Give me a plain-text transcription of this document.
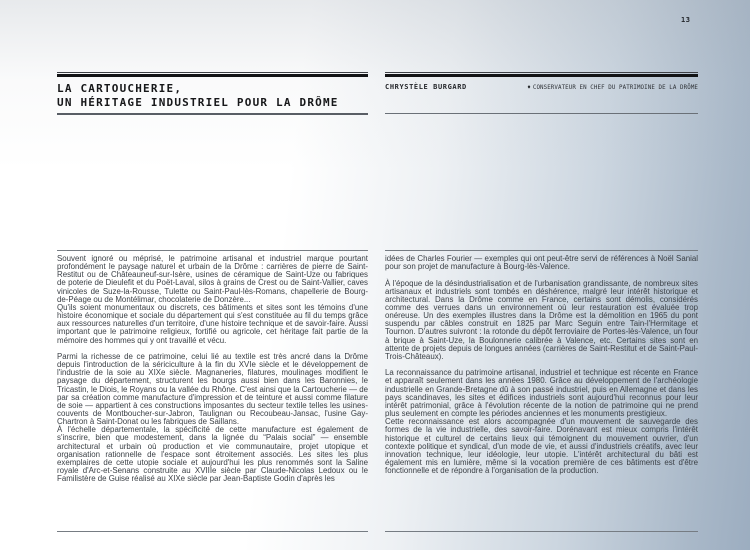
13
LA CARTOUCHERIE,
UN HÉRITAGE INDUSTRIEL POUR LA DRÔME
CHRYSTÈLE BURGARD	♦ CONSERVATEUR EN CHEF DU PATRIMOINE DE LA DRÔME

Souvent ignoré ou méprisé, le patrimoine artisanal et industriel marque pourtant profondément le paysage naturel et urbain de la Drôme : carrières de pierre de Saint-Restitut ou de Châteauneuf-sur-Isère, usines de céramique de Saint-Uze ou fabriques de poterie de Dieulefit et du Poët-Laval, silos à grains de Crest ou de Saint-Vallier, caves vinicoles de Suze-la-Rousse, Tulette ou Saint-Paul-lès-Romans, chapellerie de Bourg-de-Péage ou de Montélimar, chocolaterie de Donzère...

Qu'ils soient monumentaux ou discrets, ces bâtiments et sites sont les témoins d'une histoire économique et sociale du département qui s'est constituée au fil du temps grâce aux ressources naturelles d'un territoire, d'une histoire technique et de savoir-faire. Aussi important que le patrimoine religieux, fortifié ou agricole, cet héritage fait partie de la mémoire des hommes qui y ont travaillé et vécu.

Parmi la richesse de ce patrimoine, celui lié au textile est très ancré dans la Drôme depuis l'introduction de la sériciculture à la fin du XVIe siècle et le développement de l'industrie de la soie au XIXe siècle. Magnaneries, filatures, moulinages modifient le paysage du département, structurent les bourgs aussi bien dans les Baronnies, le Tricastin, le Diois, le Royans ou la vallée du Rhône. C'est ainsi que la Cartoucherie — de par sa création comme manufacture d'impression et de teinture et aussi comme filature de soie — appartient à ces constructions imposantes du secteur textile telles les usines-couvents de Montboucher-sur-Jabron, Taulignan ou Recoubeau-Jansac, l'usine Gay-Chartron à Saint-Donat ou les fabriques de Saillans.

À l'échelle départementale, la spécificité de cette manufacture est également de s'inscrire, bien que modestement, dans la lignée du “Palais social” — ensemble architectural et urbain où production et vie communautaire, projet utopique et organisation rationnelle de l'espace sont étroitement associés. Les sites les plus exemplaires de cette utopie sociale et aujourd'hui les plus renommés sont la Saline royale d'Arc-et-Senans construite au XVIIIe siècle par Claude-Nicolas Ledoux ou le Familistère de Guise réalisé au XIXe siècle par Jean-Baptiste Godin d'après les

idées de Charles Fourier — exemples qui ont peut-être servi de références à Noël Sanial pour son projet de manufacture à Bourg-lès-Valence.

À l'époque de la désindustrialisation et de l'urbanisation grandissante, de nombreux sites artisanaux et industriels sont tombés en déshérence, malgré leur intérêt historique et architectural. Dans la Drôme comme en France, certains sont démolis, considérés comme des verrues dans un environnement où leur restauration est évaluée trop onéreuse. Un des exemples illustres dans la Drôme est la démolition en 1965 du pont suspendu par câbles construit en 1825 par Marc Seguin entre Tain-l'Hermitage et Tournon. D'autres suivront : la rotonde du dépôt ferroviaire de Portes-lès-Valence, un four à brique à Saint-Uze, la Boulonnerie calibrée à Valence, etc. Certains sites sont en attente de projets depuis de longues années (carrières de Saint-Restitut et de Saint-Paul-Trois-Châteaux).

La reconnaissance du patrimoine artisanal, industriel et technique est récente en France et apparaît seulement dans les années 1980. Grâce au développement de l'archéologie industrielle en Grande-Bretagne dû à son passé industriel, puis en Allemagne et dans les pays scandinaves, les sites et édifices industriels sont aujourd'hui reconnus pour leur intérêt patrimonial, grâce à l'évolution récente de la notion de patrimoine qui ne prend plus seulement en compte les périodes anciennes et les monuments prestigieux.

Cette reconnaissance est alors accompagnée d'un mouvement de sauvegarde des formes de la vie industrielle, des savoir-faire. Dorénavant est mieux compris l'intérêt historique et culturel de certains lieux qui témoignent du mouvement ouvrier, d'un contexte politique et syndical, d'un mode de vie, et aussi d'industriels créatifs, avec leur innovation technique, leur idéologie, leur utopie. L'intérêt architectural du bâti est également mis en lumière, même si la vocation première de ces bâtiments est d'être fonctionnelle et de répondre à l'organisation de la production.
